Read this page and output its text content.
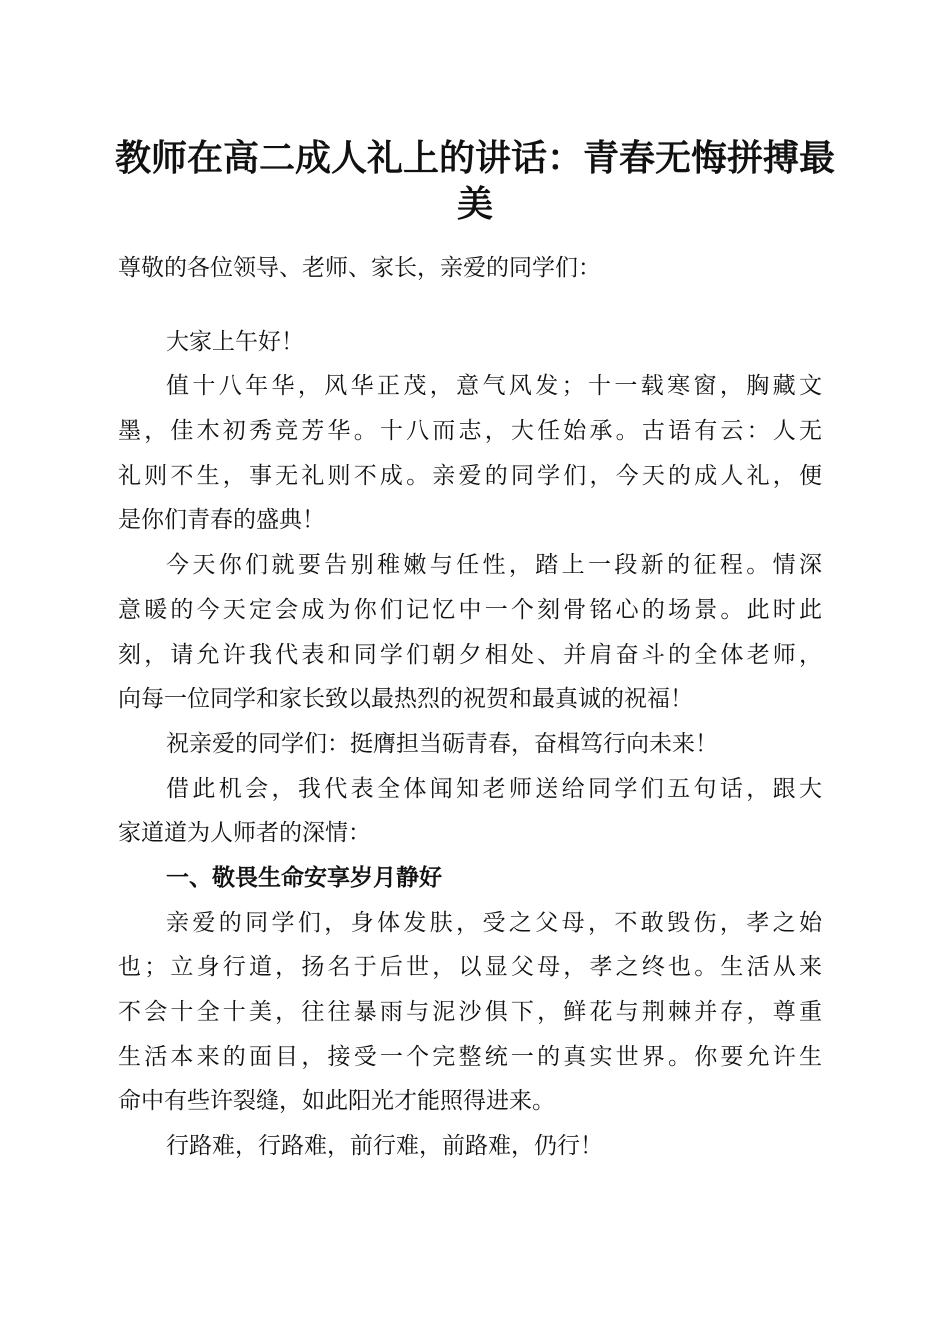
教师在高二成人礼上的讲话：青春无悔拼搏最
美
尊敬的各位领导、老师、家长，亲爱的同学们：
大家上午好！
值十八年华，风华正茂，意气风发；十一载寒窗，胸藏文
墨，佳木初秀竞芳华。十八而志，大任始承。古语有云：人无
礼则不生，事无礼则不成。亲爱的同学们，今天的成人礼，便
是你们青春的盛典！
今天你们就要告别稚嫩与任性，踏上一段新的征程。情深
意暖的今天定会成为你们记忆中一个刻骨铭心的场景。此时此
刻，请允许我代表和同学们朝夕相处、并肩奋斗的全体老师，
向每一位同学和家长致以最热烈的祝贺和最真诚的祝福！
祝亲爱的同学们：挺膺担当砺青春，奋楫笃行向未来！
借此机会，我代表全体闻知老师送给同学们五句话，跟大
家道道为人师者的深情：
一、敬畏生命安享岁月静好
亲爱的同学们，身体发肤，受之父母，不敢毁伤，孝之始
也；立身行道，扬名于后世，以显父母，孝之终也。生活从来
不会十全十美，往往暴雨与泥沙俱下，鲜花与荆棘并存，尊重
生活本来的面目，接受一个完整统一的真实世界。你要允许生
命中有些许裂缝，如此阳光才能照得进来。
行路难，行路难，前行难，前路难，仍行！
